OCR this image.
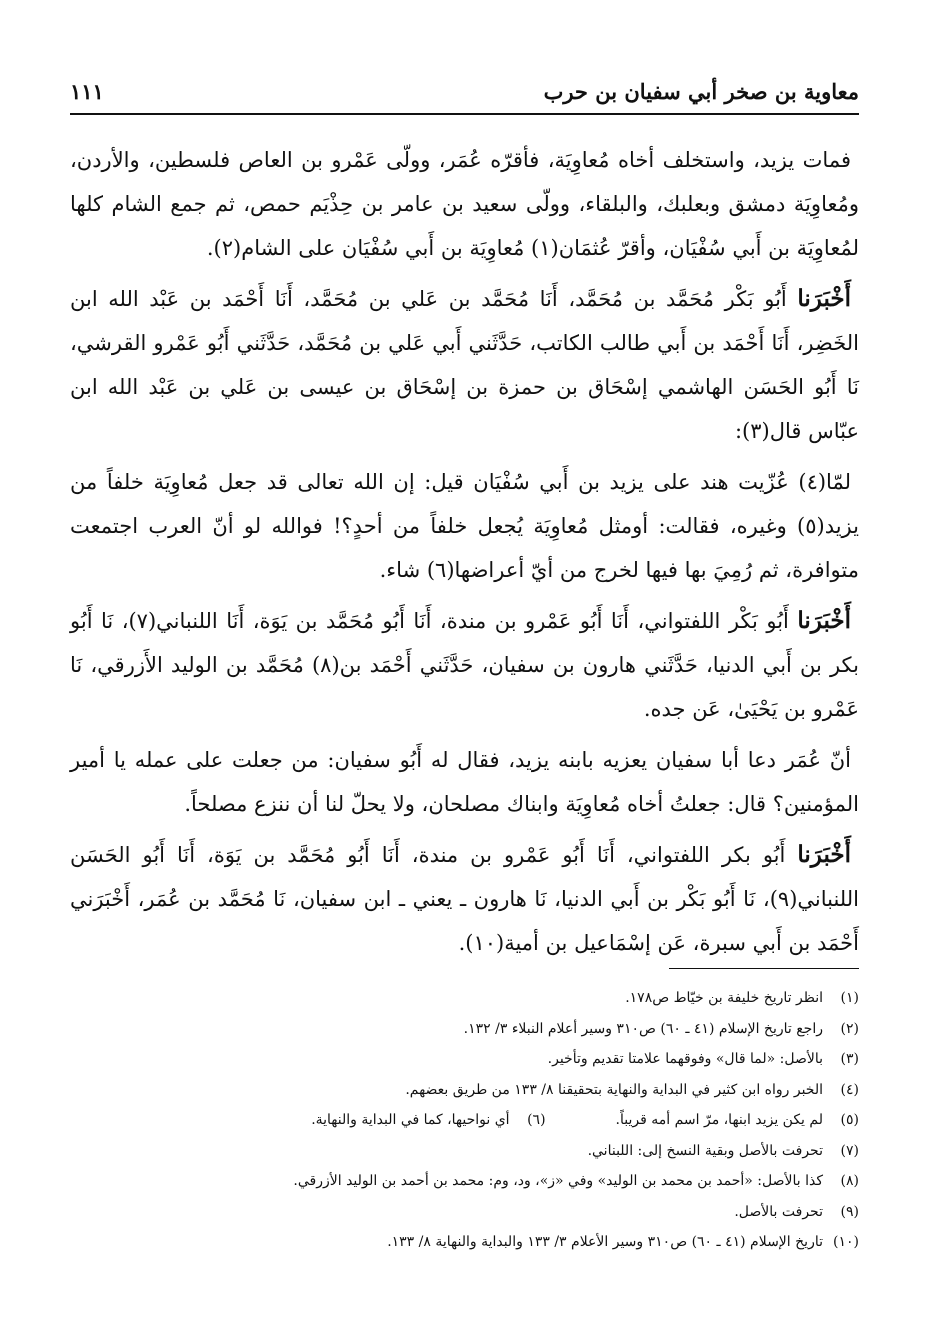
معاوية بن صخر أبي سفيان بن حرب
١١١

فمات يزيد، واستخلف أخاه مُعاوِيَة، فأقرّه عُمَر، وولّى عَمْرو بن العاص فلسطين، والأردن، ومُعاوِيَة دمشق وبعلبك، والبلقاء، وولّى سعيد بن عامر بن حِذْيَم حمص، ثم جمع الشام كلها لمُعاوِيَة بن أَبي سُفْيَان، وأقرّ عُثمَان(١) مُعاوِيَة بن أَبي سُفْيَان على الشام(٢).

أَخْبَرَنا أَبُو بَكْر مُحَمَّد بن مُحَمَّد، أَنَا مُحَمَّد بن عَلي بن مُحَمَّد، أَنَا أَحْمَد بن عَبْد الله ابن الخَضِر، أَنَا أَحْمَد بن أَبي طالب الكاتب، حَدَّثَني أَبي عَلي بن مُحَمَّد، حَدَّثَني أَبُو عَمْرو القرشي، نَا أَبُو الحَسَن الهاشمي إسْحَاق بن حمزة بن إسْحَاق بن عيسى بن عَلي بن عَبْد الله ابن عبّاس قال(٣):

لمّا(٤) عُزّيت هند على يزيد بن أَبي سُفْيَان قيل: إن الله تعالى قد جعل مُعاوِيَة خلفاً من يزيد(٥) وغيره، فقالت: أومثل مُعاوِيَة يُجعل خلفاً من أحدٍ؟! فوالله لو أنّ العرب اجتمعت متوافرة، ثم رُمِيَ بها فيها لخرج من أيّ أعراضها(٦) شاء.

أَخْبَرَنا أَبُو بَكْر اللفتواني، أَنَا أَبُو عَمْرو بن مندة، أَنَا أَبُو مُحَمَّد بن يَوَة، أَنَا اللنباني(٧)، نَا أَبُو بكر بن أَبي الدنيا، حَدَّثَني هارون بن سفيان، حَدَّثَني أَحْمَد بن(٨) مُحَمَّد بن الوليد الأَزرقي، نَا عَمْرو بن يَحْيَىٰ، عَن جده.

أنّ عُمَر دعا أبا سفيان يعزيه بابنه يزيد، فقال له أَبُو سفيان: من جعلت على عمله يا أمير المؤمنين؟ قال: جعلتُ أخاه مُعاوِيَة وابناك مصلحان، ولا يحلّ لنا أن ننزع مصلحاً.

أَخْبَرَنا أَبُو بكر اللفتواني، أَنَا أَبُو عَمْرو بن مندة، أَنَا أَبُو مُحَمَّد بن يَوَة، أَنَا أَبُو الحَسَن اللنباني(٩)، نَا أَبُو بَكْر بن أَبي الدنيا، نَا هارون ـ يعني ـ ابن سفيان، نَا مُحَمَّد بن عُمَر، أَخْبَرَني أَحْمَد بن أَبي سبرة، عَن إسْمَاعيل بن أمية(١٠).

(١)
انظر تاريخ خليفة بن خيّاط ص١٧٨.
(٢)
راجع تاريخ الإسلام (٤١ ـ ٦٠) ص٣١٠ وسير أعلام النبلاء ٣/ ١٣٢.
(٣)
بالأصل: «لما قال» وفوقهما علامتا تقديم وتأخير.
(٤)
الخبر رواه ابن كثير في البداية والنهاية بتحقيقنا ٨/ ١٣٣ من طريق بعضهم.
(٥)
لم يكن يزيد ابنها، مرّ اسم أمه قريباً.
(٦)
أي نواحيها، كما في البداية والنهاية.
(٧)
تحرفت بالأصل وبقية النسخ إلى: اللبناني.
(٨)
كذا بالأصل: «أحمد بن محمد بن الوليد» وفي «ز»، ود، وم: محمد بن أحمد بن الوليد الأزرقي.
(٩)
تحرفت بالأصل.
(١٠)
تاريخ الإسلام (٤١ ـ ٦٠) ص٣١٠ وسير الأعلام ٣/ ١٣٣ والبداية والنهاية ٨/ ١٣٣.
